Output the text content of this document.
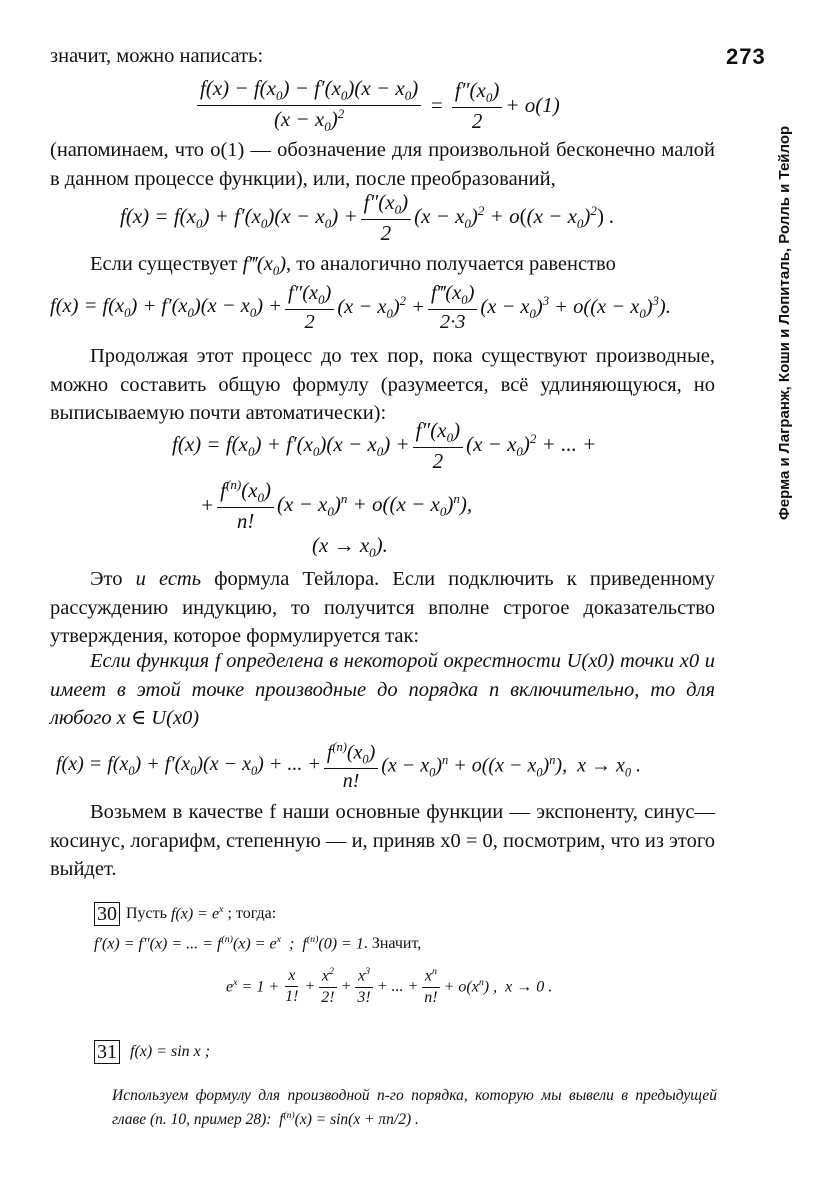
273
Ферма и Лагранж, Коши и Лопиталь, Ролль и Тейлор
значит, можно написать:
$\frac{f(x) - f(x_0) - f'(x_0)(x - x_0)}{(x - x_0)^2} = \frac{f''(x_0)}{2} + o(1)$
(напоминаем, что o(1) — обозначение для произвольной бесконечно малой в данном процессе функции), или, после преобразований,
$f(x) = f(x_0) + f'(x_0)(x - x_0) + \frac{f''(x_0)}{2} (x - x_0)^2 + o((x - x_0)^2)$ .
Если существует $f‴(x_0)$, то аналогично получается равенство
$f(x) = f(x_0) + f'(x_0)(x - x_0) + \frac{f''(x_0)}{2} (x - x_0)^2 + \frac{f‴(x_0)}{2\cdot 3} (x - x_0)^3 + o((x - x_0)^3)$.
Продолжая этот процесс до тех пор, пока существуют производные, можно составить общую формулу (разумеется, всё удлиняющуюся, но выписываемую почти автоматически):
$f(x) = f(x_0) + f'(x_0)(x - x_0) + \frac{f''(x_0)}{2} (x - x_0)^2$ + ... +
+ $\frac{f^{(n)}(x_0)}{n!} (x - x_0)^n + o((x - x_0)^n)$,
$(x \to x_0)$.
Это и есть формула Тейлора. Если подключить к приведенному рассуждению индукцию, то получится вполне строгое доказательство утверждения, которое формулируется так:
Если функция f определена в некоторой окрестности U(x0) точки x0 и имеет в этой точке производные до порядка n включительно, то для любого x ∈ U(x0)
$f(x) = f(x_0) + f'(x_0)(x - x_0)$ + ... + $\frac{f^{(n)}(x_0)}{n!} (x - x_0)^n + o((x - x_0)^n)$,  $x \to x_0$ .
Возьмем в качестве f наши основные функции — экспоненту, синус—косинус, логарифм, степенную — и, приняв x0 = 0, посмотрим, что из этого выйдет.
30 Пусть $f(x) = e^x$ ; тогда:
f′(x) = f″(x) = ... = $f^{(n)}(x) = e^x$  ;  $f^{(n)}(0) = 1$ . Значит,
$e^x = 1 + \frac{x}{1!} + \frac{x^2}{2!} + \frac{x^3}{3!}$ + ... + $\frac{x^n}{n!} + o(x^n)$ ,  x → 0 .
31 f(x) = sin x ;
Используем формулу для производной n-го порядка, которую мы вывели в предыдущей главе (п. 10, пример 28):  $f^{(n)}(x) = \sin(x + \pi n/2)$ .
